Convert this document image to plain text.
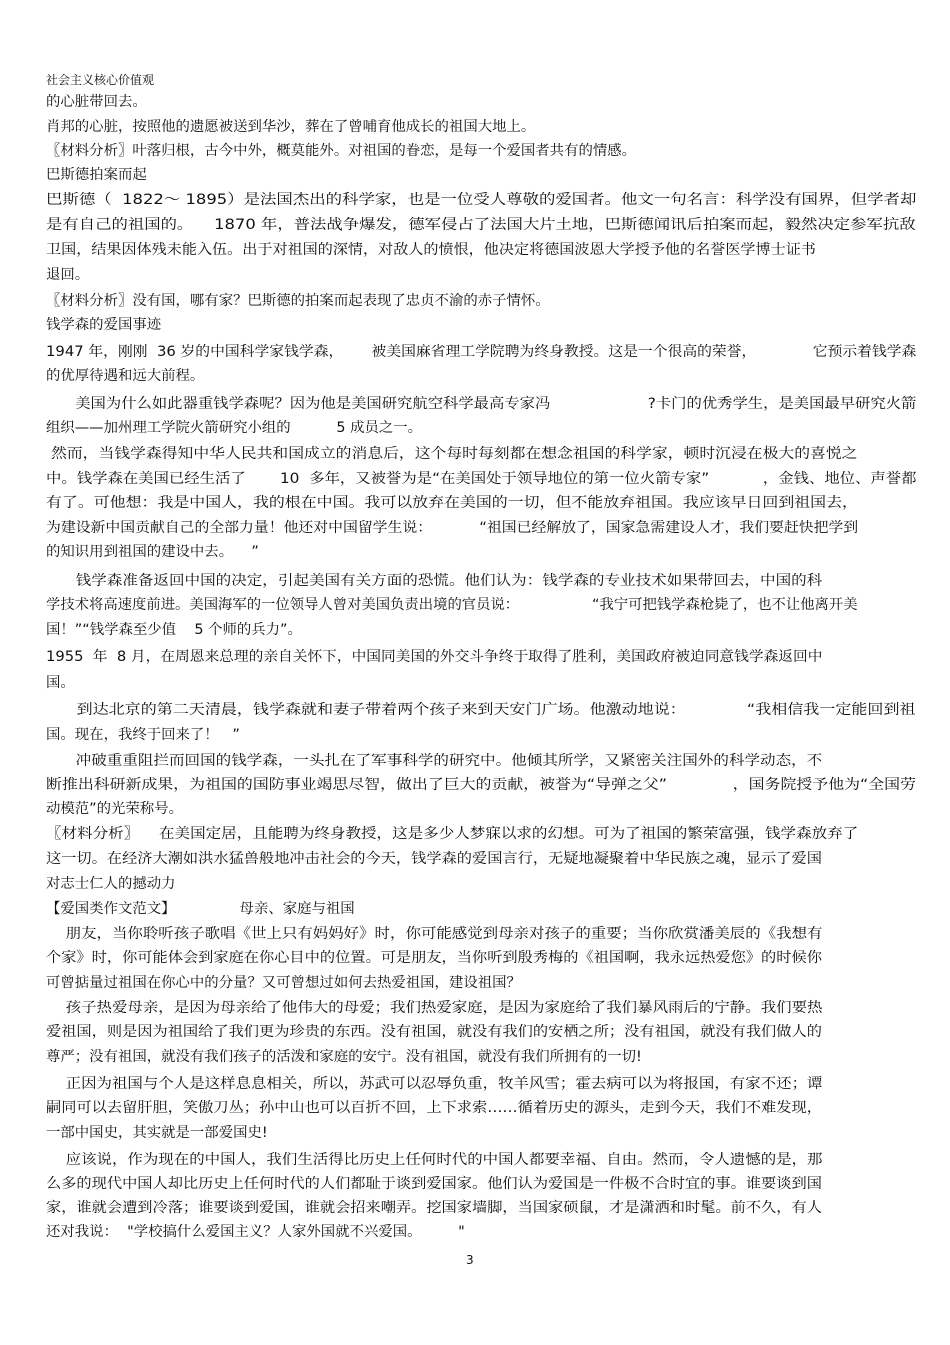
社会主义核心价值观
的心脏带回去。
肖邦的心脏，按照他的遗愿被送到华沙，葬在了曾哺育他成长的祖国大地上。
〖材料分析〗叶落归根，古今中外，概莫能外。对祖国的眷恋，是每一个爱国者共有的情感。
巴斯德拍案而起
巴斯德（  1822～ 1895）是法国杰出的科学家，也是一位受人尊敬的爱国者。他文一句名言：科学没有国界，但学者却
是有自己的祖国的。    1870 年，普法战争爆发，德军侵占了法国大片土地，巴斯德闻讯后拍案而起，毅然决定参军抗敌
卫国，结果因体残未能入伍。出于对祖国的深情，对敌人的愤恨，他决定将德国波恩大学授予他的名誉医学博士证书
退回。
〖材料分析〗没有国，哪有家？巴斯德的拍案而起表现了忠贞不渝的赤子情怀。
钱学森的爱国事迹
1947 年，刚刚  36 岁的中国科学家钱学森，      被美国麻省理工学院聘为终身教授。这是一个很高的荣誉，            它预示着钱学森
的优厚待遇和远大前程。
美国为什么如此器重钱学森呢？因为他是美国研究航空科学最高专家冯                    ?卡门的优秀学生，是美国最早研究火箭
组织——加州理工学院火箭研究小组的          5 成员之一。
然而，当钱学森得知中华人民共和国成立的消息后，这个每时每刻都在想念祖国的科学家，顿时沉浸在极大的喜悦之
中。钱学森在美国已经生活了       10  多年，又被誉为是“在美国处于领导地位的第一位火箭专家”           ，金钱、地位、声誉都
有了。可他想：我是中国人，我的根在中国。我可以放弃在美国的一切，但不能放弃祖国。我应该早日回到祖国去，
为建设新中国贡献自己的全部力量！他还对中国留学生说：          “祖国已经解放了，国家急需建设人才，我们要赶快把学到
的知识用到祖国的建设中去。    ”
钱学森准备返回中国的决定，引起美国有关方面的恐慌。他们认为：钱学森的专业技术如果带回去，中国的科
学技术将高速度前进。美国海军的一位领导人曾对美国负责出境的官员说：                “我宁可把钱学森枪毙了，也不让他离开美
国！”“钱学森至少值    5 个师的兵力”。
1955  年  8 月，在周恩来总理的亲自关怀下，中国同美国的外交斗争终于取得了胜利，美国政府被迫同意钱学森返回中
国。
到达北京的第二天清晨，钱学森就和妻子带着两个孩子来到天安门广场。他激动地说：            “我相信我一定能回到祖
国。现在，我终于回来了！   ”
冲破重重阻拦而回国的钱学森，一头扎在了军事科学的研究中。他倾其所学，又紧密关注国外的科学动态，不
断推出科研新成果，为祖国的国防事业竭思尽智，做出了巨大的贡献，被誉为“导弹之父”             ，国务院授予他为“全国劳
动模范”的光荣称号。
〖材料分析〗    在美国定居，且能聘为终身教授，这是多少人梦寐以求的幻想。可为了祖国的繁荣富强，钱学森放弃了
这一切。在经济大潮如洪水猛兽般地冲击社会的今天，钱学森的爱国言行，无疑地凝聚着中华民族之魂，显示了爱国
对志士仁人的撼动力
【爱国类作文范文】              母亲、家庭与祖国
朋友，当你聆听孩子歌唱《世上只有妈妈好》时，你可能感觉到母亲对孩子的重要；当你欣赏潘美辰的《我想有
个家》时，你可能体会到家庭在你心目中的位置。可是朋友，当你听到殷秀梅的《祖国啊，我永远热爱您》的时候你
可曾掂量过祖国在你心中的分量？又可曾想过如何去热爱祖国，建设祖国？
孩子热爱母亲，是因为母亲给了他伟大的母爱；我们热爱家庭，是因为家庭给了我们暴风雨后的宁静。我们要热
爱祖国，则是因为祖国给了我们更为珍贵的东西。没有祖国，就没有我们的安栖之所；没有祖国，就没有我们做人的
尊严；没有祖国，就没有我们孩子的活泼和家庭的安宁。没有祖国，就没有我们所拥有的一切!
正因为祖国与个人是这样息息相关，所以，苏武可以忍辱负重，牧羊风雪；霍去病可以为将报国，有家不还；谭
嗣同可以去留肝胆，笑傲刀丛；孙中山也可以百折不回，上下求索……循着历史的源头，走到今天，我们不难发现，
一部中国史，其实就是一部爱国史!
应该说，作为现在的中国人，我们生活得比历史上任何时代的中国人都要幸福、自由。然而，令人遗憾的是，那
么多的现代中国人却比历史上任何时代的人们都耻于谈到爱国家。他们认为爱国是一件极不合时宜的事。谁要谈到国
家，谁就会遭到冷落；谁要谈到爱国，谁就会招来嘲弄。挖国家墙脚，当国家硕鼠，才是潇洒和时髦。前不久，有人
还对我说：  "学校搞什么爱国主义？人家外国就不兴爱国。        "
3
